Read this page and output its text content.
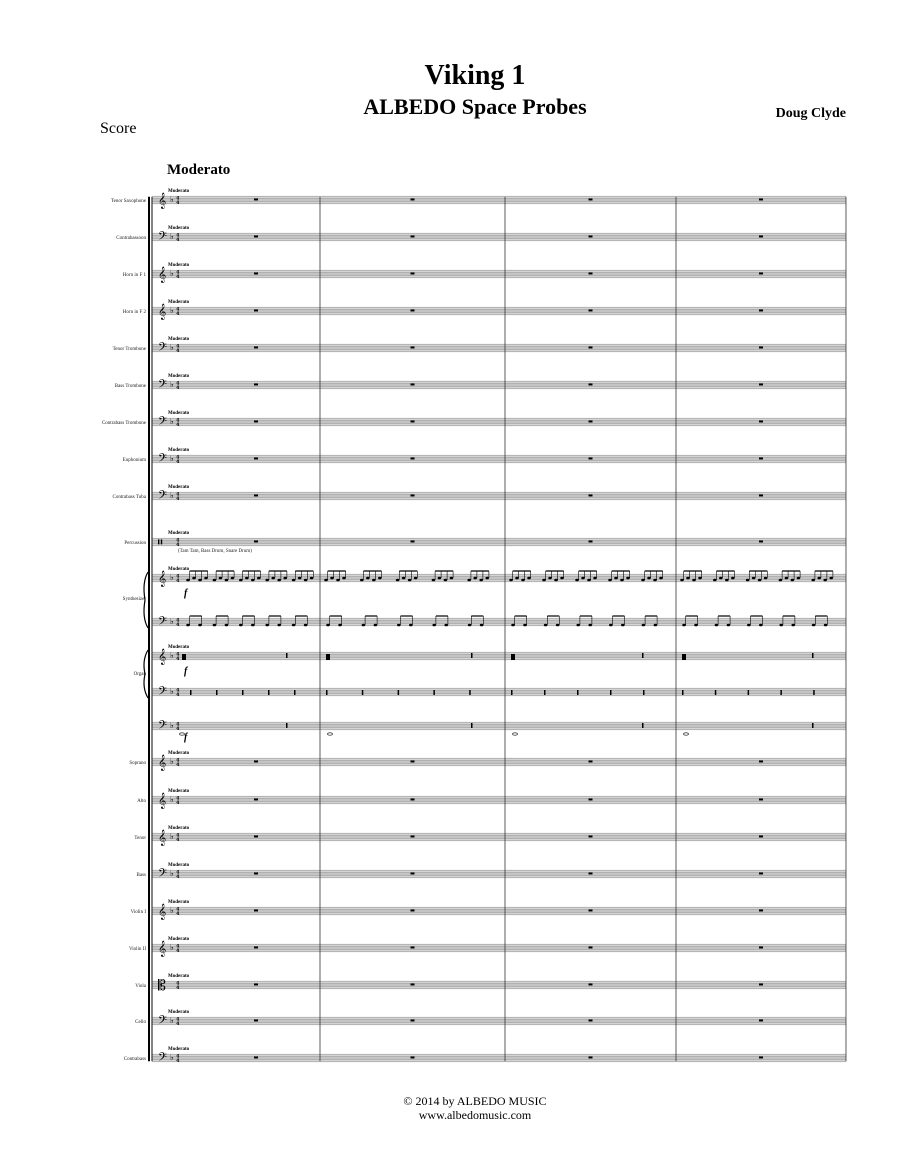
Viking 1
ALBEDO Space Probes	Doug Clyde
Score
Moderato
𝄞 ♭ 4
4
Tenor Saxophone
Moderato
𝄢 ♭ 4
4
Contrabassoon
Moderato
𝄞 ♭ 4
4
Horn in F 1
Moderato
𝄞 ♭ 4
4
Horn in F 2
Moderato
𝄢 ♭ 4
4
Tenor Trombone
Moderato
𝄢 ♭ 4
4
Bass Trombone
Moderato
𝄢 ♭ 4
4
Contrabass Trombone
Moderato
𝄢 ♭ 4
4
Euphonium
Moderato
𝄢 ♭ 4
4
Contrabass Tuba
Moderato
𝄥	4
4
Percussion
Moderato
(Tam Tam, Bass Drum, Snare Drum)
𝄞 ♭ 4
4
Synthesizer
Moderato
f
𝄢 ♭ 4
4
𝄞 ♭ 4
4
Organ
Moderato
f
𝄢 ♭ 4
4
𝄢 ♭ 4
4
f
𝄞 ♭ 4
4
Soprano
Moderato
𝄞 ♭ 4
4
Alto
Moderato
𝄞 ♭ 4
4
Tenor
Moderato
𝄢 ♭ 4
4
Bass
Moderato
𝄞 ♭ 4
4
Violin I
Moderato
𝄞 ♭ 4
4
Violin II
Moderato
𝄡 4
4
Viola
Moderato
𝄢 ♭ 4
4
Cello
Moderato
𝄢 ♭ 4
4
Contrabass
Moderato
© 2014 by ALBEDO MUSIC
www.albedomusic.com
